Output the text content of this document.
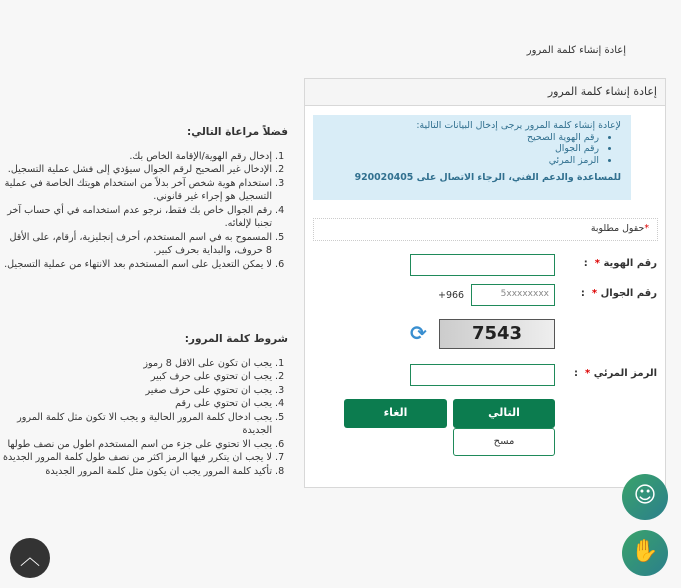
إعادة إنشاء كلمة المرور
فضلاً مراعاة التالي:
1. إدخال رقم الهوية/الإقامة الخاص بك.
2. الإدخال غير الصحيح لرقم الجوال سيؤدي إلى فشل عملية التسجيل.
3. استخدام هوية شخص آخر بدلاً من استخدام هويتك الخاصة في عملية التسجيل هو إجراء غير قانوني.
4. رقم الجوال خاص بك فقط، نرجو عدم استخدامه في أي حساب آخر تجنبا لإلغائه.
5. المسموح به في اسم المستخدم، أحرف إنجليزية، أرقام، على الأقل 8 حروف، والبداية بحرف كبير.
6. لا يمكن التعديل على اسم المستخدم بعد الانتهاء من عملية التسجيل.
شروط كلمة المرور:
1. يجب ان تكون على الاقل 8 رموز
2. يجب ان تحتوي على حرف كبير
3. يجب ان تحتوي على حرف صغير
4. يجب ان تحتوي على رقم
5. يجب ادخال كلمة المرور الحالية و يجب الا تكون مثل كلمة المرور الجديدة
6. يجب الا تحتوي على جزء من اسم المستخدم اطول من نصف طولها
7. لا يجب ان يتكرر فيها الرمز اكثر من نصف طول كلمة المرور الجديدة
8. تأكيد كلمة المرور يجب ان يكون مثل كلمة المرور الجديدة
إعادة إنشاء كلمة المرور
لإعادة إنشاء كلمة المرور يرجى إدخال البيانات التالية:
• رقم الهوية الصحيح
• رقم الجوال
• الرمز المرئي
للمساعدة والدعم الفني، الرجاء الاتصال على 920020405
*حقول مطلوبة
رقم الهوية *  :
رقم الجوال *  :
5xxxxxxxx
+966
7543
⟳
الرمز المرئي *  :
التالي
الغاء
مسح
︿
☺
✋
